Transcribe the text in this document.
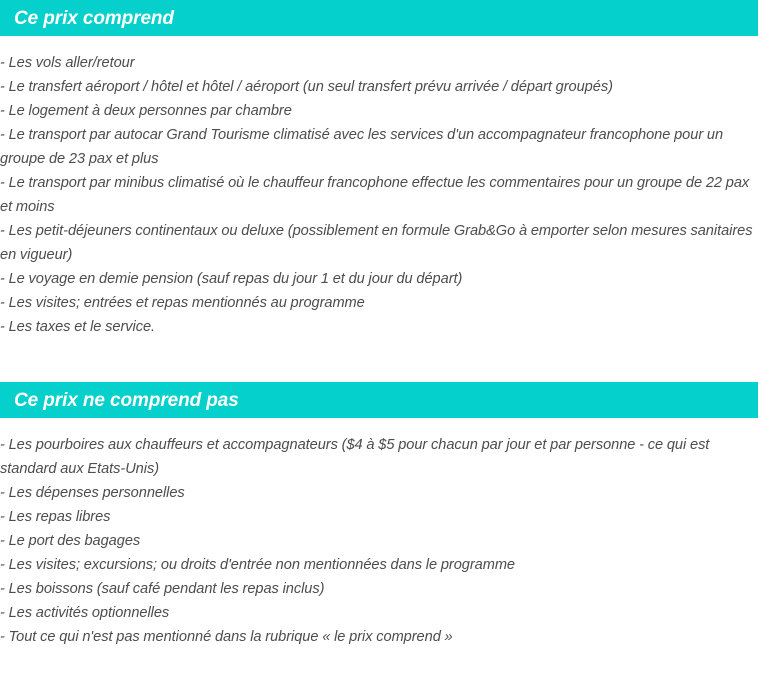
Ce prix comprend
- Les vols aller/retour
- Le transfert aéroport / hôtel et hôtel / aéroport (un seul transfert prévu arrivée / départ groupés)
- Le logement à deux personnes par chambre
- Le transport par autocar Grand Tourisme climatisé avec les services d'un accompagnateur francophone pour un groupe de 23 pax et plus
- Le transport par minibus climatisé où le chauffeur francophone effectue les commentaires pour un groupe de 22 pax et moins
- Les petit-déjeuners continentaux ou deluxe (possiblement en formule Grab&Go à emporter selon mesures sanitaires en vigueur)
- Le voyage en demie pension (sauf repas du jour 1 et du jour du départ)
- Les visites; entrées et repas mentionnés au programme
- Les taxes et le service.
Ce prix ne comprend pas
- Les pourboires aux chauffeurs et accompagnateurs ($4 à $5 pour chacun par jour et par personne - ce qui est standard aux Etats-Unis)
- Les dépenses personnelles
- Les repas libres
- Le port des bagages
- Les visites; excursions; ou droits d'entrée non mentionnées dans le programme
- Les boissons (sauf café pendant les repas inclus)
- Les activités optionnelles
- Tout ce qui n'est pas mentionné dans la rubrique « le prix comprend »
